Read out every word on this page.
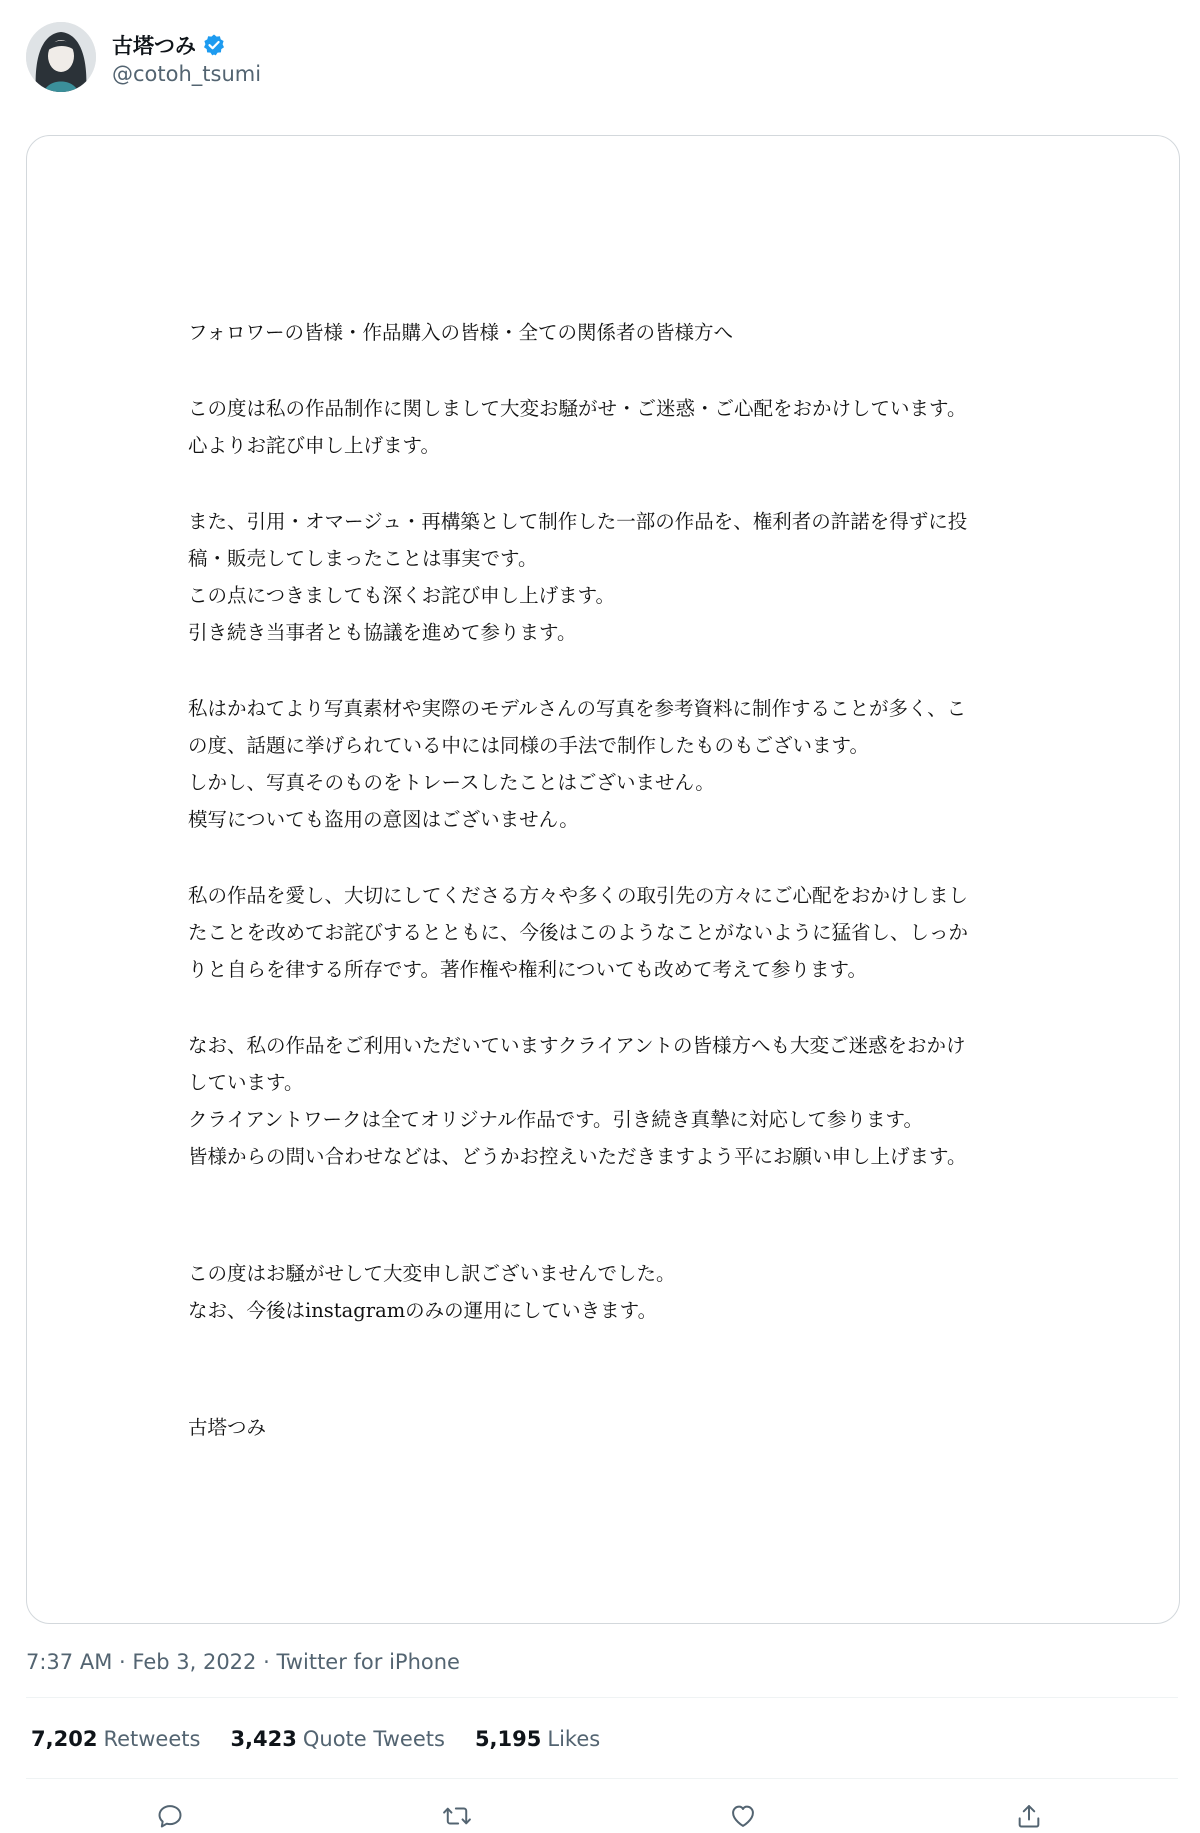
古塔つみ
@cotoh_tsumi

フォロワーの皆様・作品購入の皆様・全ての関係者の皆様方へ

この度は私の作品制作に関しまして大変お騒がせ・ご迷惑・ご心配をおかけしています。

心よりお詫び申し上げます。

また、引用・オマージュ・再構築として制作した一部の作品を、権利者の許諾を得ずに投

稿・販売してしまったことは事実です。

この点につきましても深くお詫び申し上げます。

引き続き当事者とも協議を進めて参ります。

私はかねてより写真素材や実際のモデルさんの写真を参考資料に制作することが多く、こ

の度、話題に挙げられている中には同様の手法で制作したものもございます。

しかし、写真そのものをトレースしたことはございません。

模写についても盗用の意図はございません。

私の作品を愛し、大切にしてくださる方々や多くの取引先の方々にご心配をおかけしまし

たことを改めてお詫びするとともに、今後はこのようなことがないように猛省し、しっか

りと自らを律する所存です。著作権や権利についても改めて考えて参ります。

なお、私の作品をご利用いただいていますクライアントの皆様方へも大変ご迷惑をおかけ

しています。

クライアントワークは全てオリジナル作品です。引き続き真摯に対応して参ります。

皆様からの問い合わせなどは、どうかお控えいただきますよう平にお願い申し上げます。

この度はお騒がせして大変申し訳ございませんでした。

なお、今後はinstagramのみの運用にしていきます。

古塔つみ

7:37 AM · Feb 3, 2022 · Twitter for iPhone
7,202 Retweets 3,423 Quote Tweets 5,195 Likes
